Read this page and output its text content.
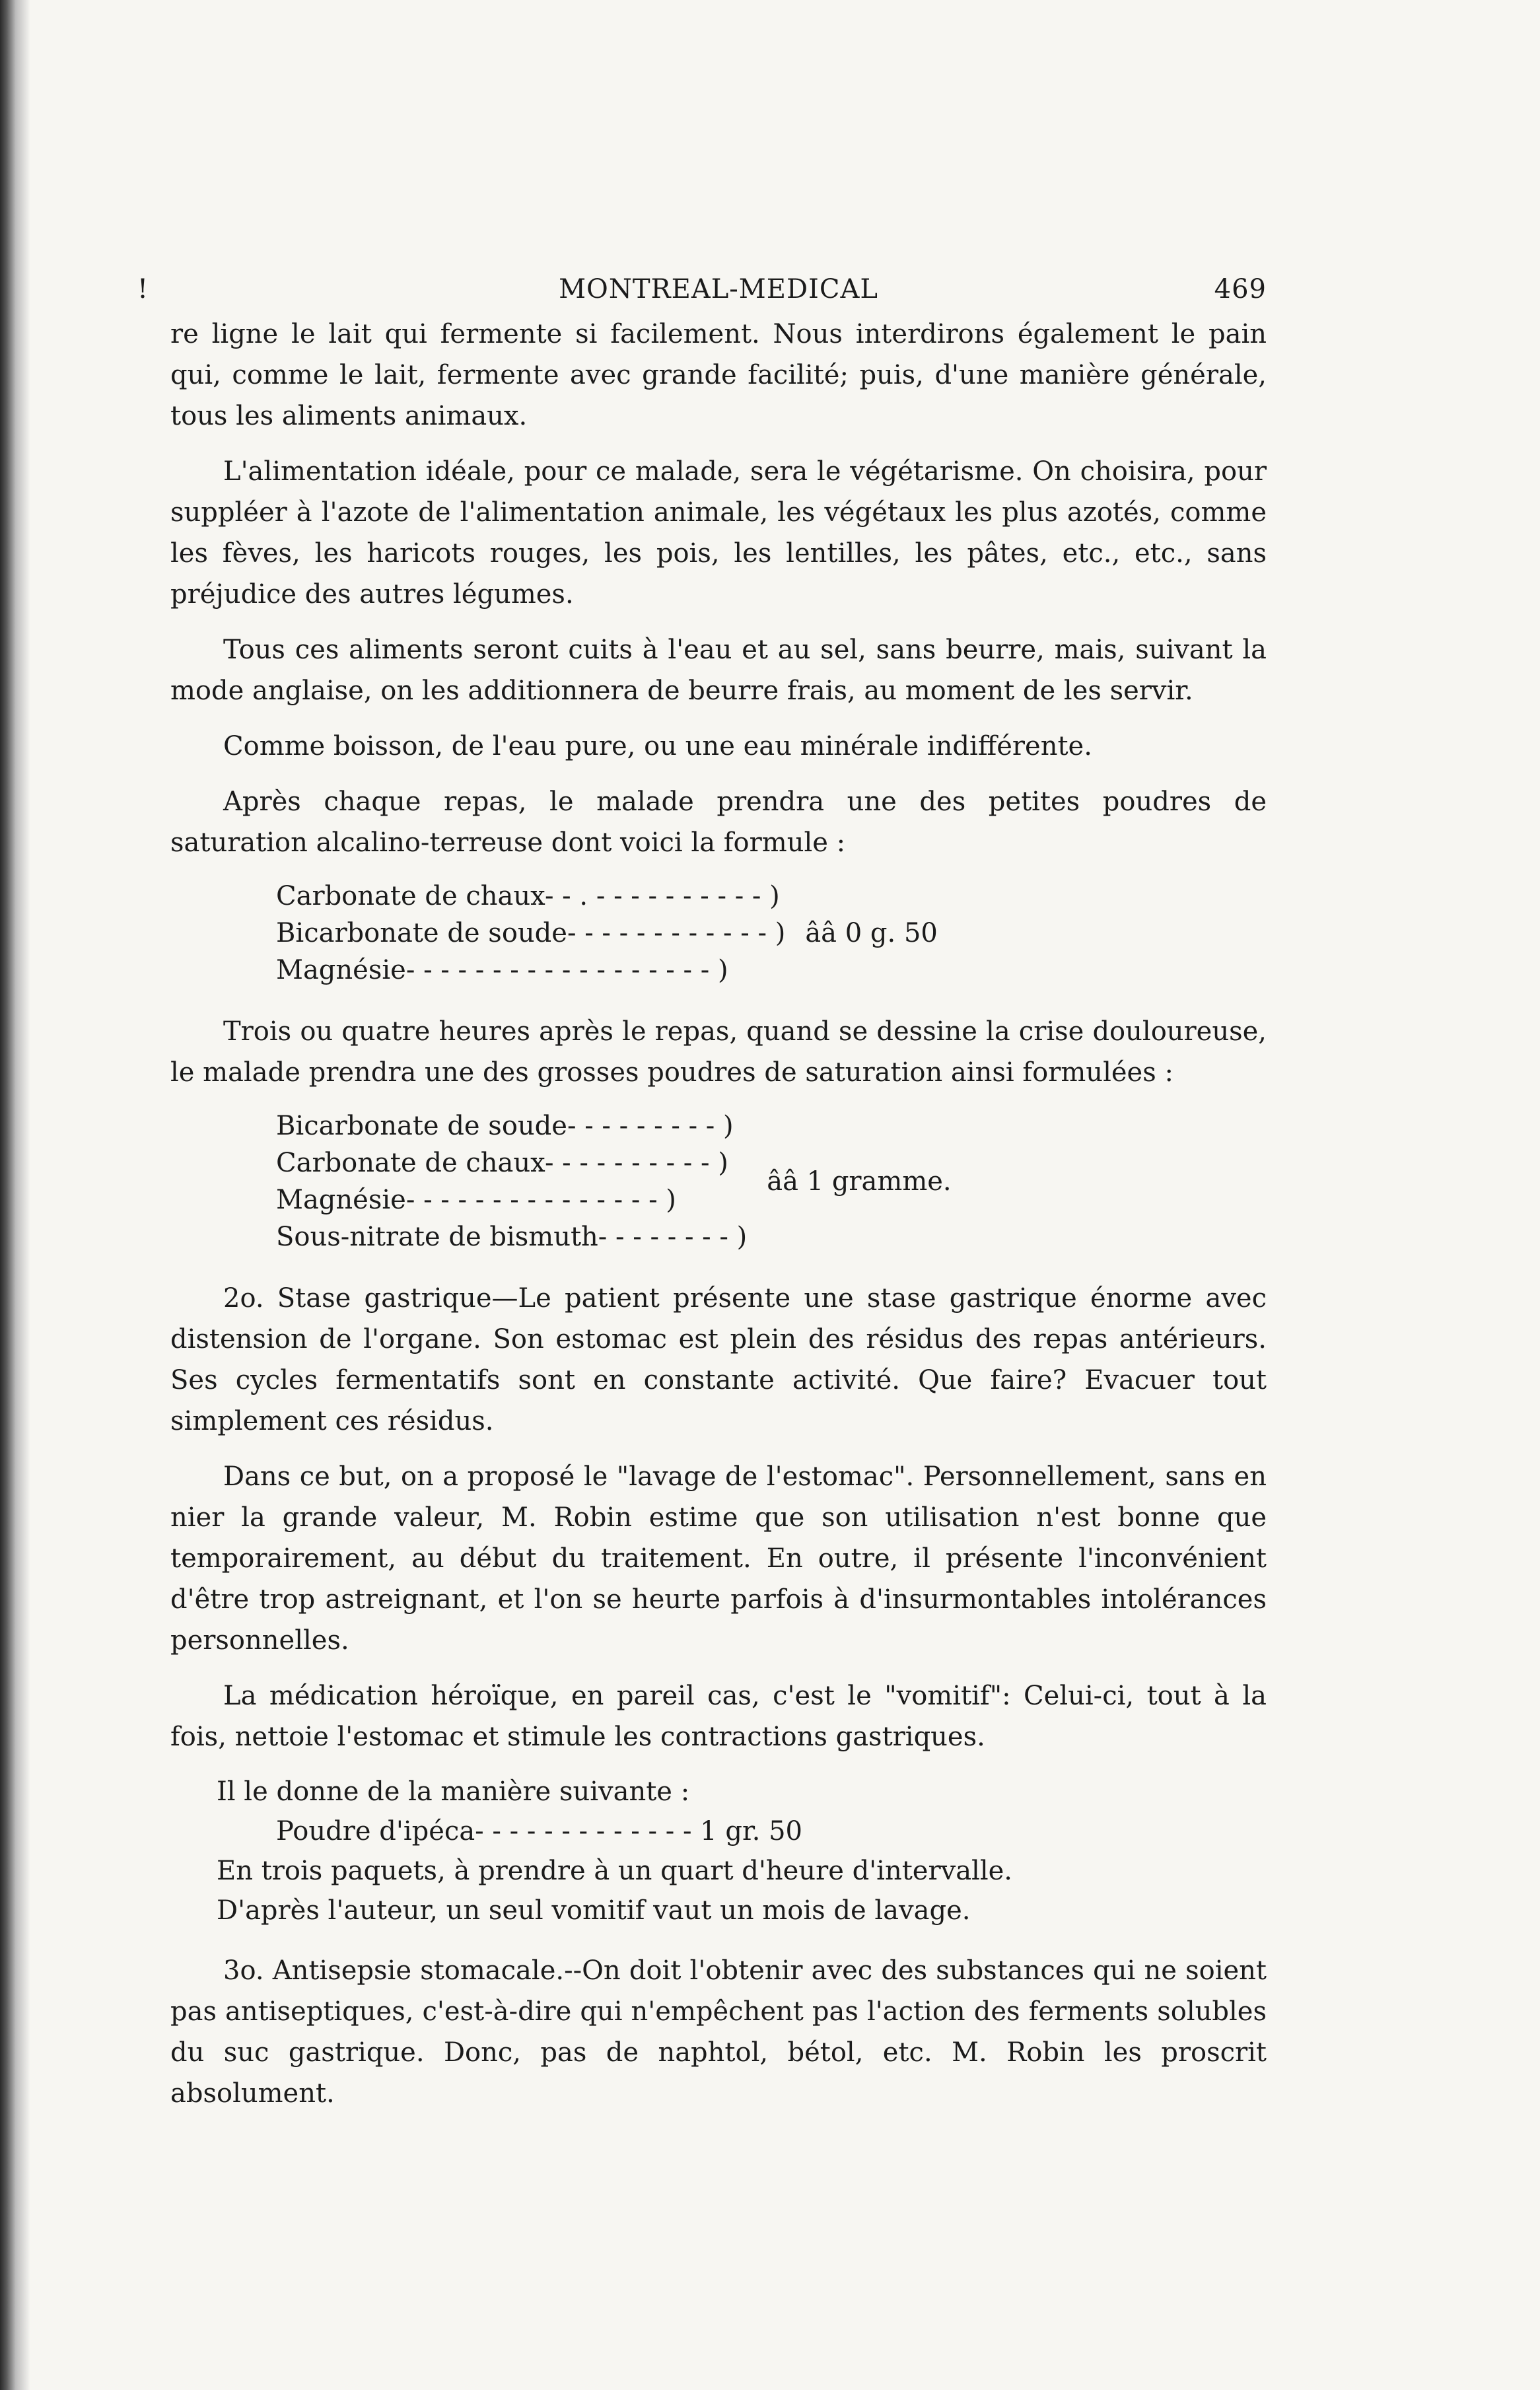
!	MONTREAL-MEDICAL	469

re ligne le lait qui fermente si facilement. Nous interdirons également le pain qui, comme le lait, fermente avec grande facilité; puis, d'une manière générale, tous les aliments animaux.

L'alimentation idéale, pour ce malade, sera le végétarisme. On choisira, pour suppléer à l'azote de l'alimentation animale, les végétaux les plus azotés, comme les fèves, les haricots rouges, les pois, les lentilles, les pâtes, etc., etc., sans préjudice des autres légumes.

Tous ces aliments seront cuits à l'eau et au sel, sans beurre, mais, suivant la mode anglaise, on les additionnera de beurre frais, au moment de les servir.

Comme boisson, de l'eau pure, ou une eau minérale indifférente.

Après chaque repas, le malade prendra une des petites poudres de saturation alcalino-terreuse dont voici la formule :

Carbonate de chaux- - . - - - - - - - - - - )
Bicarbonate de soude- - - - - - - - - - - - )
Magnésie- - - - - - - - - - - - - - - - - - )
ââ 0 g. 50

Trois ou quatre heures après le repas, quand se dessine la crise douloureuse, le malade prendra une des grosses poudres de saturation ainsi formulées :

Bicarbonate de soude- - - - - - - - - )
Carbonate de chaux- - - - - - - - - - )
Magnésie- - - - - - - - - - - - - - - )
Sous-nitrate de bismuth- - - - - - - - )
ââ 1 gramme.

2o. Stase gastrique—Le patient présente une stase gastrique énorme avec distension de l'organe. Son estomac est plein des résidus des repas antérieurs. Ses cycles fermentatifs sont en constante activité. Que faire? Evacuer tout simplement ces résidus.

Dans ce but, on a proposé le "lavage de l'estomac". Personnellement, sans en nier la grande valeur, M. Robin estime que son utilisation n'est bonne que temporairement, au début du traitement. En outre, il présente l'inconvénient d'être trop astreignant, et l'on se heurte parfois à d'insurmontables intolérances personnelles.

La médication héroïque, en pareil cas, c'est le "vomitif": Celui-ci, tout à la fois, nettoie l'estomac et stimule les contractions gastriques.

Il le donne de la manière suivante :
Poudre d'ipéca- - - - - - - - - - - - - 1 gr. 50
En trois paquets, à prendre à un quart d'heure d'intervalle.
D'après l'auteur, un seul vomitif vaut un mois de lavage.

3o. Antisepsie stomacale.--On doit l'obtenir avec des substances qui ne soient pas antiseptiques, c'est-à-dire qui n'empêchent pas l'action des ferments solubles du suc gastrique. Donc, pas de naphtol, bétol, etc. M. Robin les proscrit absolument.
